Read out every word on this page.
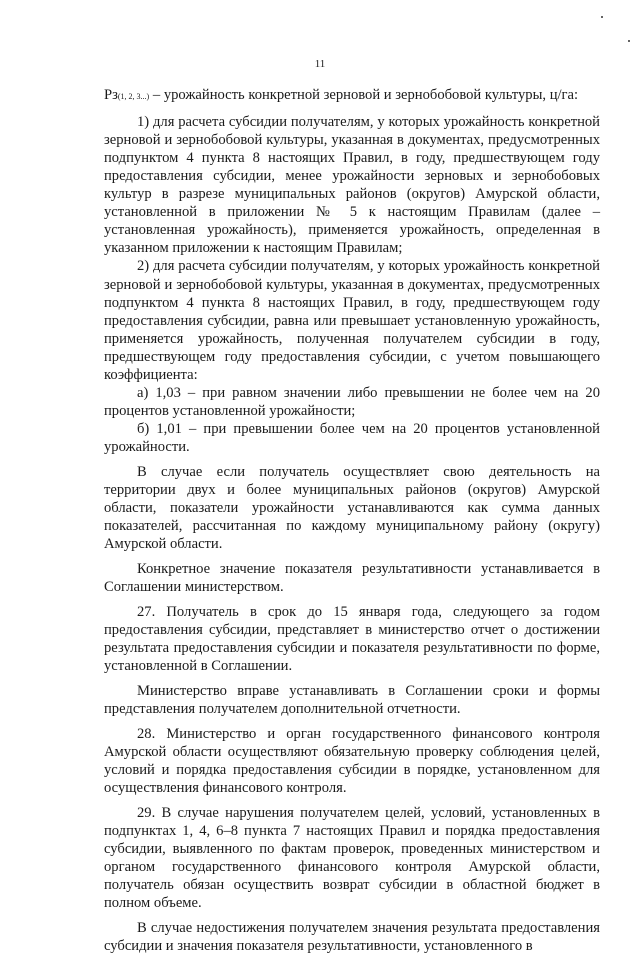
11

Рз(1, 2, 3...) – урожайность конкретной зерновой и зернобобовой культуры, ц/га:

1) для расчета субсидии получателям, у которых урожайность конкретной зерновой и зернобобовой культуры, указанная в документах, предусмотренных подпунктом 4 пункта 8 настоящих Правил, в году, предшествующем году предоставления субсидии, менее урожайности зерновых и зернобобовых культур в разрезе муниципальных районов (округов) Амурской области, установленной в приложении № 5 к настоящим Правилам (далее – установленная урожайность), применяется урожайность, определенная в указанном приложении к настоящим Правилам;

2) для расчета субсидии получателям, у которых урожайность конкретной зерновой и зернобобовой культуры, указанная в документах, предусмотренных подпунктом 4 пункта 8 настоящих Правил, в году, предшествующем году предоставления субсидии, равна или превышает установленную урожайность, применяется урожайность, полученная получателем субсидии в году, предшествующем году предоставления субсидии, с учетом повышающего коэффициента:

а) 1,03 – при равном значении либо превышении не более чем на 20 процентов установленной урожайности;

б) 1,01 – при превышении более чем на 20 процентов установленной урожайности.

В случае если получатель осуществляет свою деятельность на территории двух и более муниципальных районов (округов) Амурской области, показатели урожайности устанавливаются как сумма данных показателей, рассчитанная по каждому муниципальному району (округу) Амурской области.

Конкретное значение показателя результативности устанавливается в Соглашении министерством.

27. Получатель в срок до 15 января года, следующего за годом предоставления субсидии, представляет в министерство отчет о достижении результата предоставления субсидии и показателя результативности по форме, установленной в Соглашении.

Министерство вправе устанавливать в Соглашении сроки и формы представления получателем дополнительной отчетности.

28. Министерство и орган государственного финансового контроля Амурской области осуществляют обязательную проверку соблюдения целей, условий и порядка предоставления субсидии в порядке, установленном для осуществления финансового контроля.

29. В случае нарушения получателем целей, условий, установленных в подпунктах 1, 4, 6–8 пункта 7 настоящих Правил и порядка предоставления субсидии, выявленного по фактам проверок, проведенных министерством и органом государственного финансового контроля Амурской области, получатель обязан осуществить возврат субсидии в областной бюджет в полном объеме.

В случае недостижения получателем значения результата предоставления субсидии и значения показателя результативности, установленного в
